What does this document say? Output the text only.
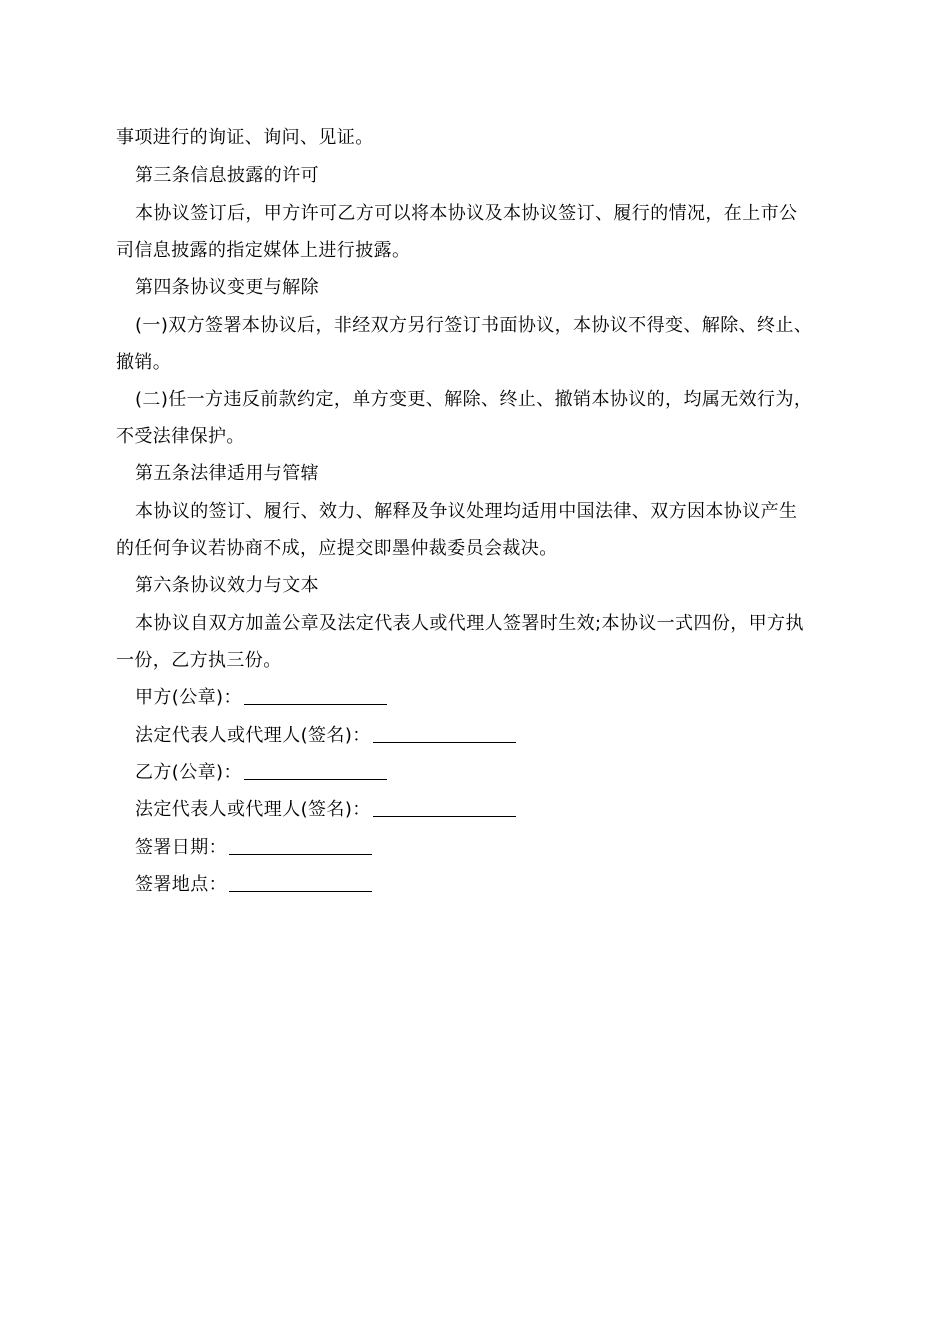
事项进行的询证、询问、见证。
第三条信息披露的许可
本协议签订后，甲方许可乙方可以将本协议及本协议签订、履行的情况，在上市公
司信息披露的指定媒体上进行披露。
第四条协议变更与解除
(一)双方签署本协议后，非经双方另行签订书面协议，本协议不得变、解除、终止、
撤销。
(二)任一方违反前款约定，单方变更、解除、终止、撤销本协议的，均属无效行为，
不受法律保护。
第五条法律适用与管辖
本协议的签订、履行、效力、解释及争议处理均适用中国法律、双方因本协议产生
的任何争议若协商不成，应提交即墨仲裁委员会裁决。
第六条协议效力与文本
本协议自双方加盖公章及法定代表人或代理人签署时生效;本协议一式四份，甲方执
一份，乙方执三份。
甲方(公章)：
法定代表人或代理人(签名)：
乙方(公章)：
法定代表人或代理人(签名)：
签署日期：
签署地点：
